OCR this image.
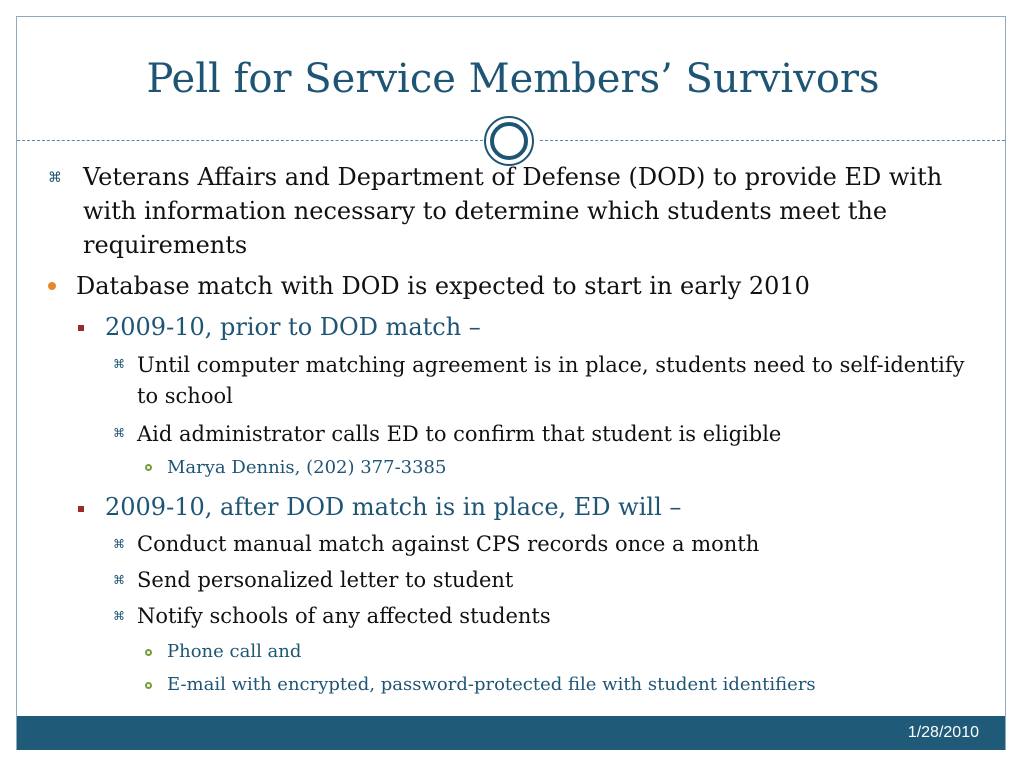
Pell for Service Members’ Survivors
⌘ Veterans Affairs and Department of Defense (DOD) to provide ED with with information necessary to determine which students meet the requirements
Database match with DOD is expected to start in early 2010
2009-10, prior to DOD match –
⌘ Until computer matching agreement is in place, students need to self-identify to school
⌘ Aid administrator calls ED to confirm that student is eligible
Marya Dennis, (202) 377-3385
2009-10, after DOD match is in place, ED will –
⌘ Conduct manual match against CPS records once a month
⌘ Send personalized letter to student
⌘ Notify schools of any affected students
Phone call and
E-mail with encrypted, password-protected file with student identifiers
1/28/2010
